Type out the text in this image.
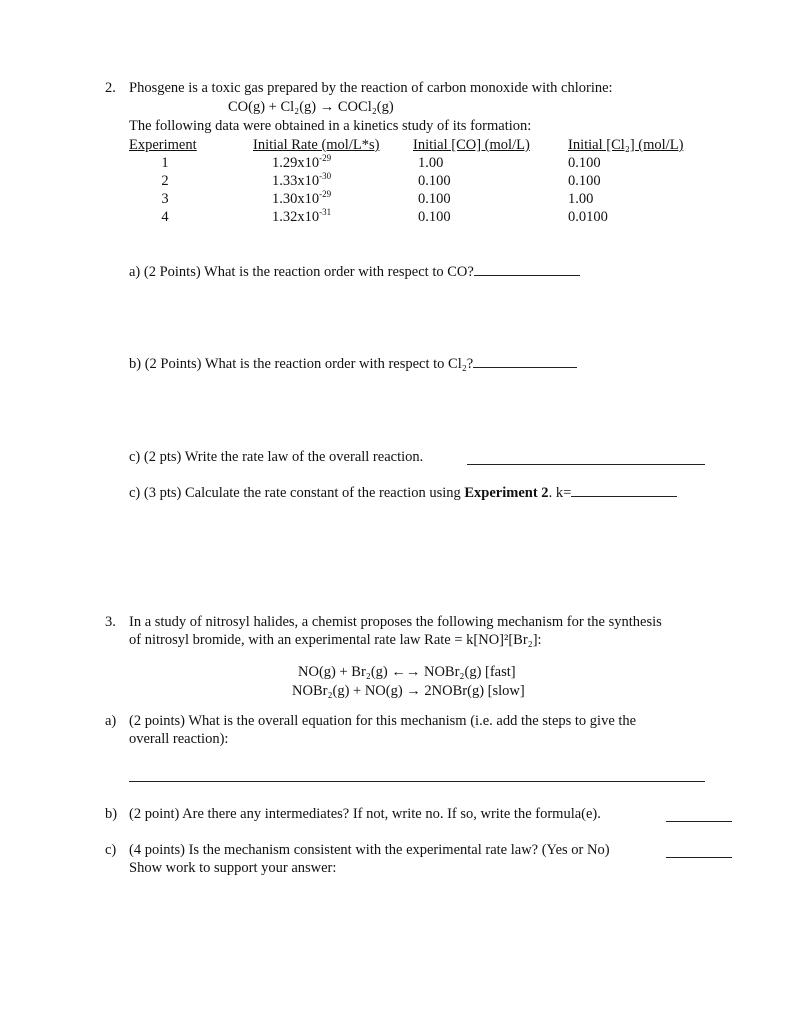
2. Phosgene is a toxic gas prepared by the reaction of carbon monoxide with chlorine:
CO(g) + Cl₂(g) → COCl₂(g)
The following data were obtained in a kinetics study of its formation:
Experiment
1
2
3
4
Initial Rate (mol/L*s)
$1.29x10^{-29}$
$1.33x10^{-30}$
$1.30x10^{-29}$
$1.32x10^{-31}$
Initial [CO] (mol/L)
1.00
0.100
0.100
0.100
Initial [Cl₂] (mol/L)
0.100
0.100
1.00
0.0100
a) (2 Points) What is the reaction order with respect to CO?
b) (2 Points) What is the reaction order with respect to Cl₂?
c) (2 pts) Write the rate law of the overall reaction.
c) (3 pts) Calculate the rate constant of the reaction using Experiment 2. k=
3. In a study of nitrosyl halides, a chemist proposes the following mechanism for the synthesis
of nitrosyl bromide, with an experimental rate law Rate = k[NO]²[Br₂]:
NO(g) + Br₂(g) ←→ NOBr₂(g) [fast]
NOBr₂(g) + NO(g) → 2NOBr(g) [slow]
a) (2 points) What is the overall equation for this mechanism (i.e. add the steps to give the
overall reaction):
b) (2 point) Are there any intermediates? If not, write no. If so, write the formula(e).
c) (4 points) Is the mechanism consistent with the experimental rate law? (Yes or No)
Show work to support your answer:
